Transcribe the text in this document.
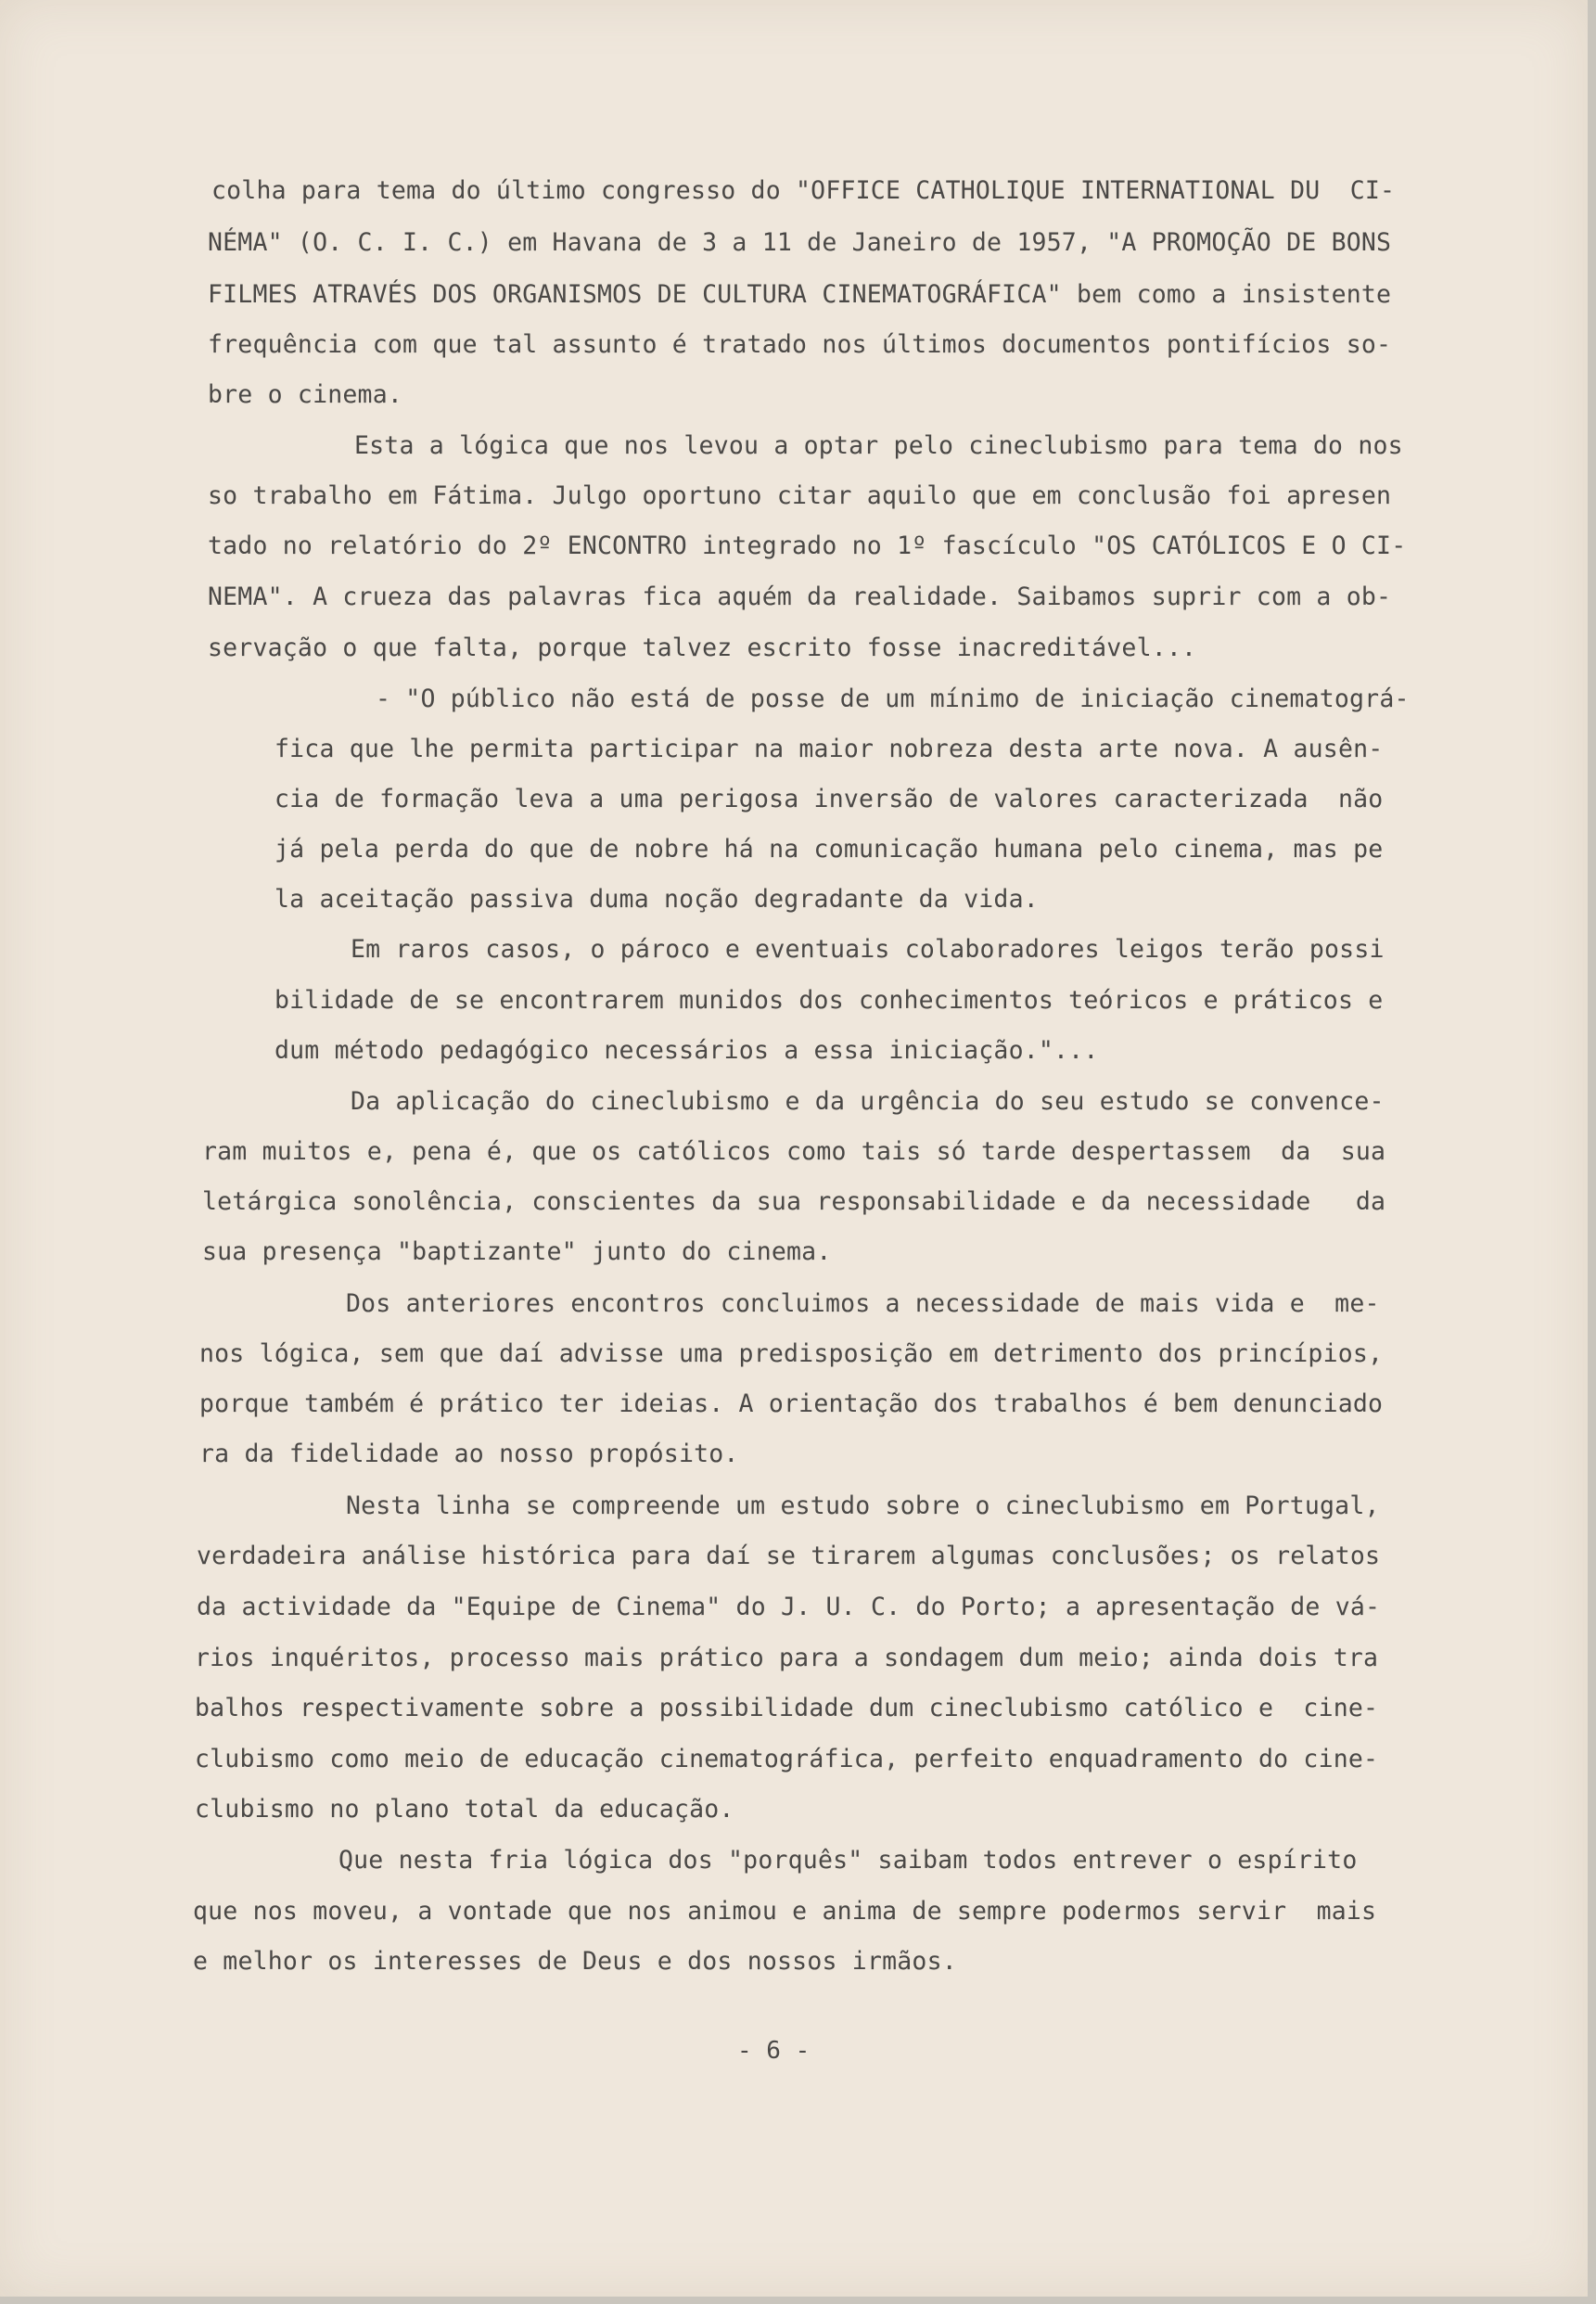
colha para tema do último congresso do "OFFICE CATHOLIQUE INTERNATIONAL DU  CI-
NÉMA" (O. C. I. C.) em Havana de 3 a 11 de Janeiro de 1957, "A PROMOÇÃO DE BONS
FILMES ATRAVÉS DOS ORGANISMOS DE CULTURA CINEMATOGRÁFICA" bem como a insistente
frequência com que tal assunto é tratado nos últimos documentos pontifícios so-
bre o cinema.
Esta a lógica que nos levou a optar pelo cineclubismo para tema do nos
so trabalho em Fátima. Julgo oportuno citar aquilo que em conclusão foi apresen
tado no relatório do 2º ENCONTRO integrado no 1º fascículo "OS CATÓLICOS E O CI-
NEMA". A crueza das palavras fica aquém da realidade. Saibamos suprir com a ob-
servação o que falta, porque talvez escrito fosse inacreditável...
- "O público não está de posse de um mínimo de iniciação cinematográ-
fica que lhe permita participar na maior nobreza desta arte nova. A ausên-
cia de formação leva a uma perigosa inversão de valores caracterizada  não
já pela perda do que de nobre há na comunicação humana pelo cinema, mas pe
la aceitação passiva duma noção degradante da vida.
Em raros casos, o pároco e eventuais colaboradores leigos terão possi
bilidade de se encontrarem munidos dos conhecimentos teóricos e práticos e
dum método pedagógico necessários a essa iniciação."...
Da aplicação do cineclubismo e da urgência do seu estudo se convence-
ram muitos e, pena é, que os católicos como tais só tarde despertassem  da  sua
letárgica sonolência, conscientes da sua responsabilidade e da necessidade   da
sua presença "baptizante" junto do cinema.
Dos anteriores encontros concluimos a necessidade de mais vida e  me-
nos lógica, sem que daí advisse uma predisposição em detrimento dos princípios,
porque também é prático ter ideias. A orientação dos trabalhos é bem denunciado
ra da fidelidade ao nosso propósito.
Nesta linha se compreende um estudo sobre o cineclubismo em Portugal,
verdadeira análise histórica para daí se tirarem algumas conclusões; os relatos
da actividade da "Equipe de Cinema" do J. U. C. do Porto; a apresentação de vá-
rios inquéritos, processo mais prático para a sondagem dum meio; ainda dois tra
balhos respectivamente sobre a possibilidade dum cineclubismo católico e  cine-
clubismo como meio de educação cinematográfica, perfeito enquadramento do cine-
clubismo no plano total da educação.
Que nesta fria lógica dos "porquês" saibam todos entrever o espírito
que nos moveu, a vontade que nos animou e anima de sempre podermos servir  mais
e melhor os interesses de Deus e dos nossos irmãos.
- 6 -
